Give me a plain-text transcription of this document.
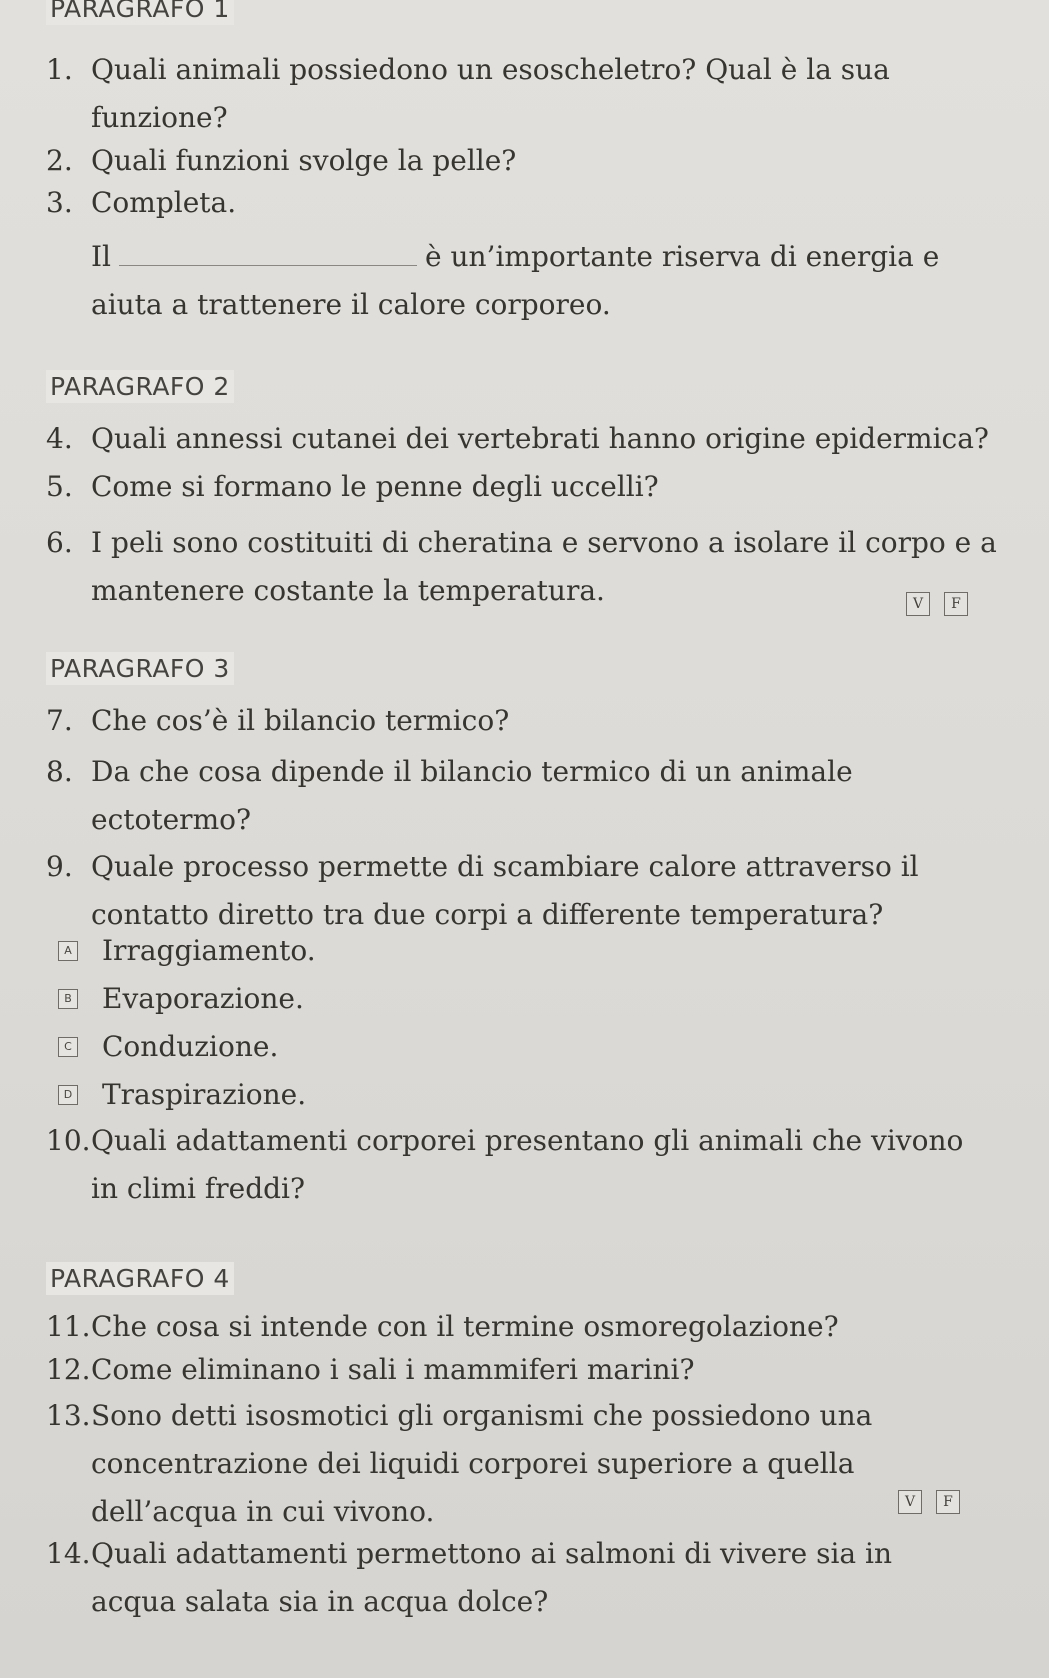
PARAGRAFO 1
1. Quali animali possiedono un esoscheletro? Qual è la sua
funzione?
2. Quali funzioni svolge la pelle?
3. Completa.
Il	è un’importante riserva di energia e
aiuta a trattenere il calore corporeo.
PARAGRAFO 2
4. Quali annessi cutanei dei vertebrati hanno origine epidermica?
5. Come si formano le penne degli uccelli?
6. I peli sono costituiti di cheratina e servono a isolare il corpo e a
mantenere costante la temperatura.	V	F
PARAGRAFO 3
7. Che cos’è il bilancio termico?
8. Da che cosa dipende il bilancio termico di un animale
ectotermo?
9. Quale processo permette di scambiare calore attraverso il
contatto diretto tra due corpi a differente temperatura?
A Irraggiamento.
B Evaporazione.
C Conduzione.
D Traspirazione.
10.Quali adattamenti corporei presentano gli animali che vivono
in climi freddi?
PARAGRAFO 4
11.Che cosa si intende con il termine osmoregolazione?
12.Come eliminano i sali i mammiferi marini?
13.Sono detti isosmotici gli organismi che possiedono una
concentrazione dei liquidi corporei superiore a quella
dell’acqua in cui vivono.	V	F
14.Quali adattamenti permettono ai salmoni di vivere sia in
acqua salata sia in acqua dolce?
